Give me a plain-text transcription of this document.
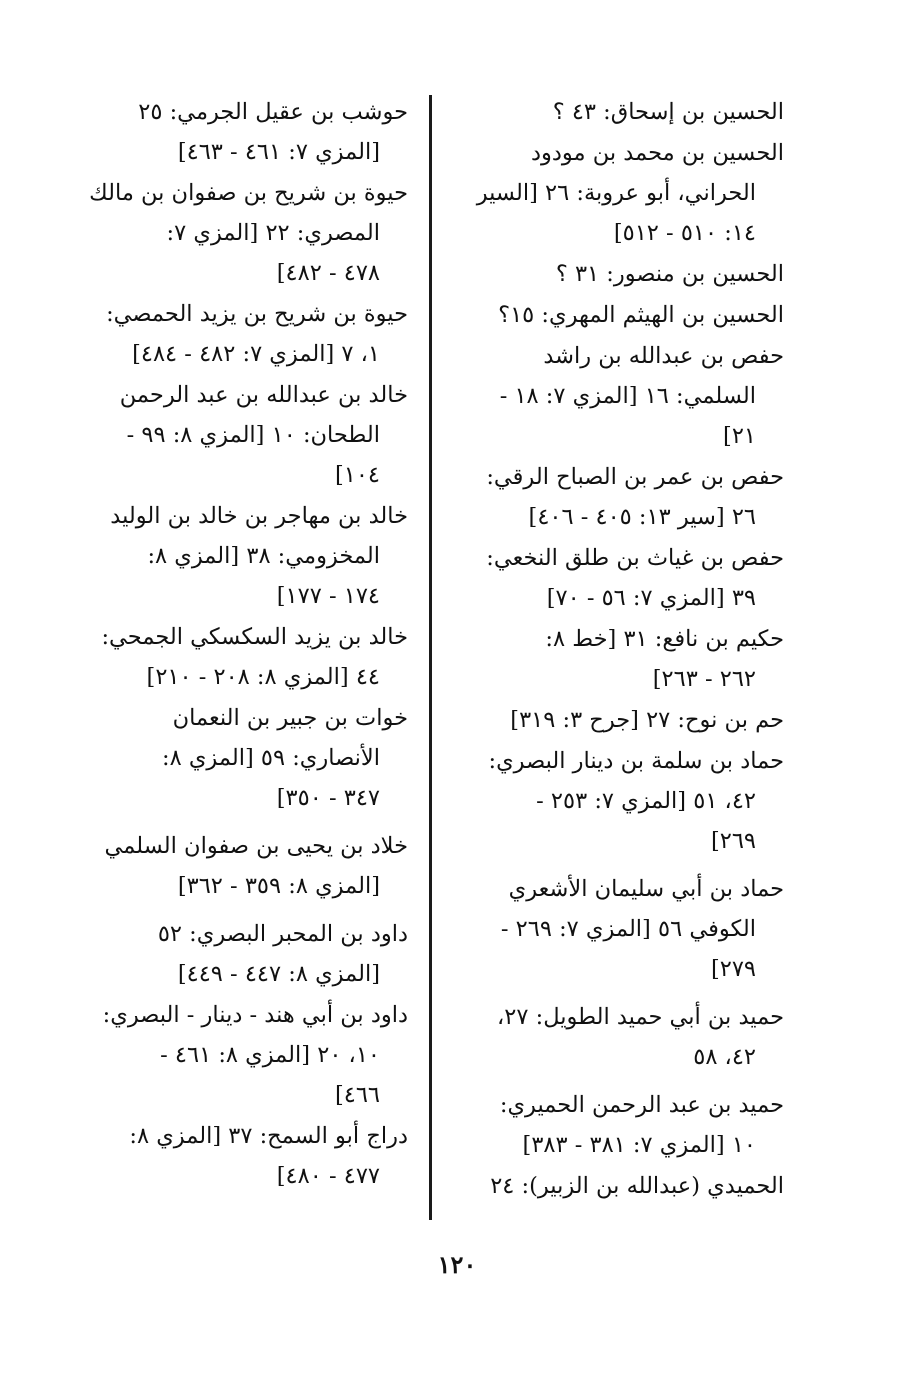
الحسين بن إسحاق: ٤٣ ؟
الحسين بن محمد بن مودود
الحراني، أبو عروبة: ٢٦ [السير
١٤: ٥١٠ - ٥١٢]
الحسين بن منصور: ٣١ ؟
الحسين بن الهيثم المهري: ١٥؟
حفص بن عبدالله بن راشد
السلمي: ١٦ [المزي ٧: ١٨ -
٢١]
حفص بن عمر بن الصباح الرقي:
٢٦ [سير ١٣: ٤٠٥ - ٤٠٦]
حفص بن غياث بن طلق النخعي:
٣٩ [المزي ٧: ٥٦ - ٧٠]
حكيم بن نافع: ٣١ [خط ٨:
٢٦٢ - ٢٦٣]
حم بن نوح: ٢٧ [جرح ٣: ٣١٩]
حماد بن سلمة بن دينار البصري:
٤٢، ٥١ [المزي ٧: ٢٥٣ -
٢٦٩]
حماد بن أبي سليمان الأشعري
الكوفي ٥٦ [المزي ٧: ٢٦٩ -
٢٧٩]
حميد بن أبي حميد الطويل: ٢٧،
٤٢، ٥٨
حميد بن عبد الرحمن الحميري:
١٠ [المزي ٧: ٣٨١ - ٣٨٣]
الحميدي (عبدالله بن الزبير): ٢٤
حوشب بن عقيل الجرمي: ٢٥
[المزي ٧: ٤٦١ - ٤٦٣]
حيوة بن شريح بن صفوان بن مالك
المصري: ٢٢ [المزي ٧:
٤٧٨ - ٤٨٢]
حيوة بن شريح بن يزيد الحمصي:
١، ٧ [المزي ٧: ٤٨٢ - ٤٨٤]
خالد بن عبدالله بن عبد الرحمن
الطحان: ١٠ [المزي ٨: ٩٩ -
١٠٤]
خالد بن مهاجر بن خالد بن الوليد
المخزومي: ٣٨ [المزي ٨:
١٧٤ - ١٧٧]
خالد بن يزيد السكسكي الجمحي:
٤٤ [المزي ٨: ٢٠٨ - ٢١٠]
خوات بن جبير بن النعمان
الأنصاري: ٥٩ [المزي ٨:
٣٤٧ - ٣٥٠]
خلاد بن يحيى بن صفوان السلمي
[المزي ٨: ٣٥٩ - ٣٦٢]
داود بن المحبر البصري: ٥٢
[المزي ٨: ٤٤٧ - ٤٤٩]
داود بن أبي هند - دينار - البصري:
١٠، ٢٠ [المزي ٨: ٤٦١ -
٤٦٦]
دراج أبو السمح: ٣٧ [المزي ٨:
٤٧٧ - ٤٨٠]
١٢٠
